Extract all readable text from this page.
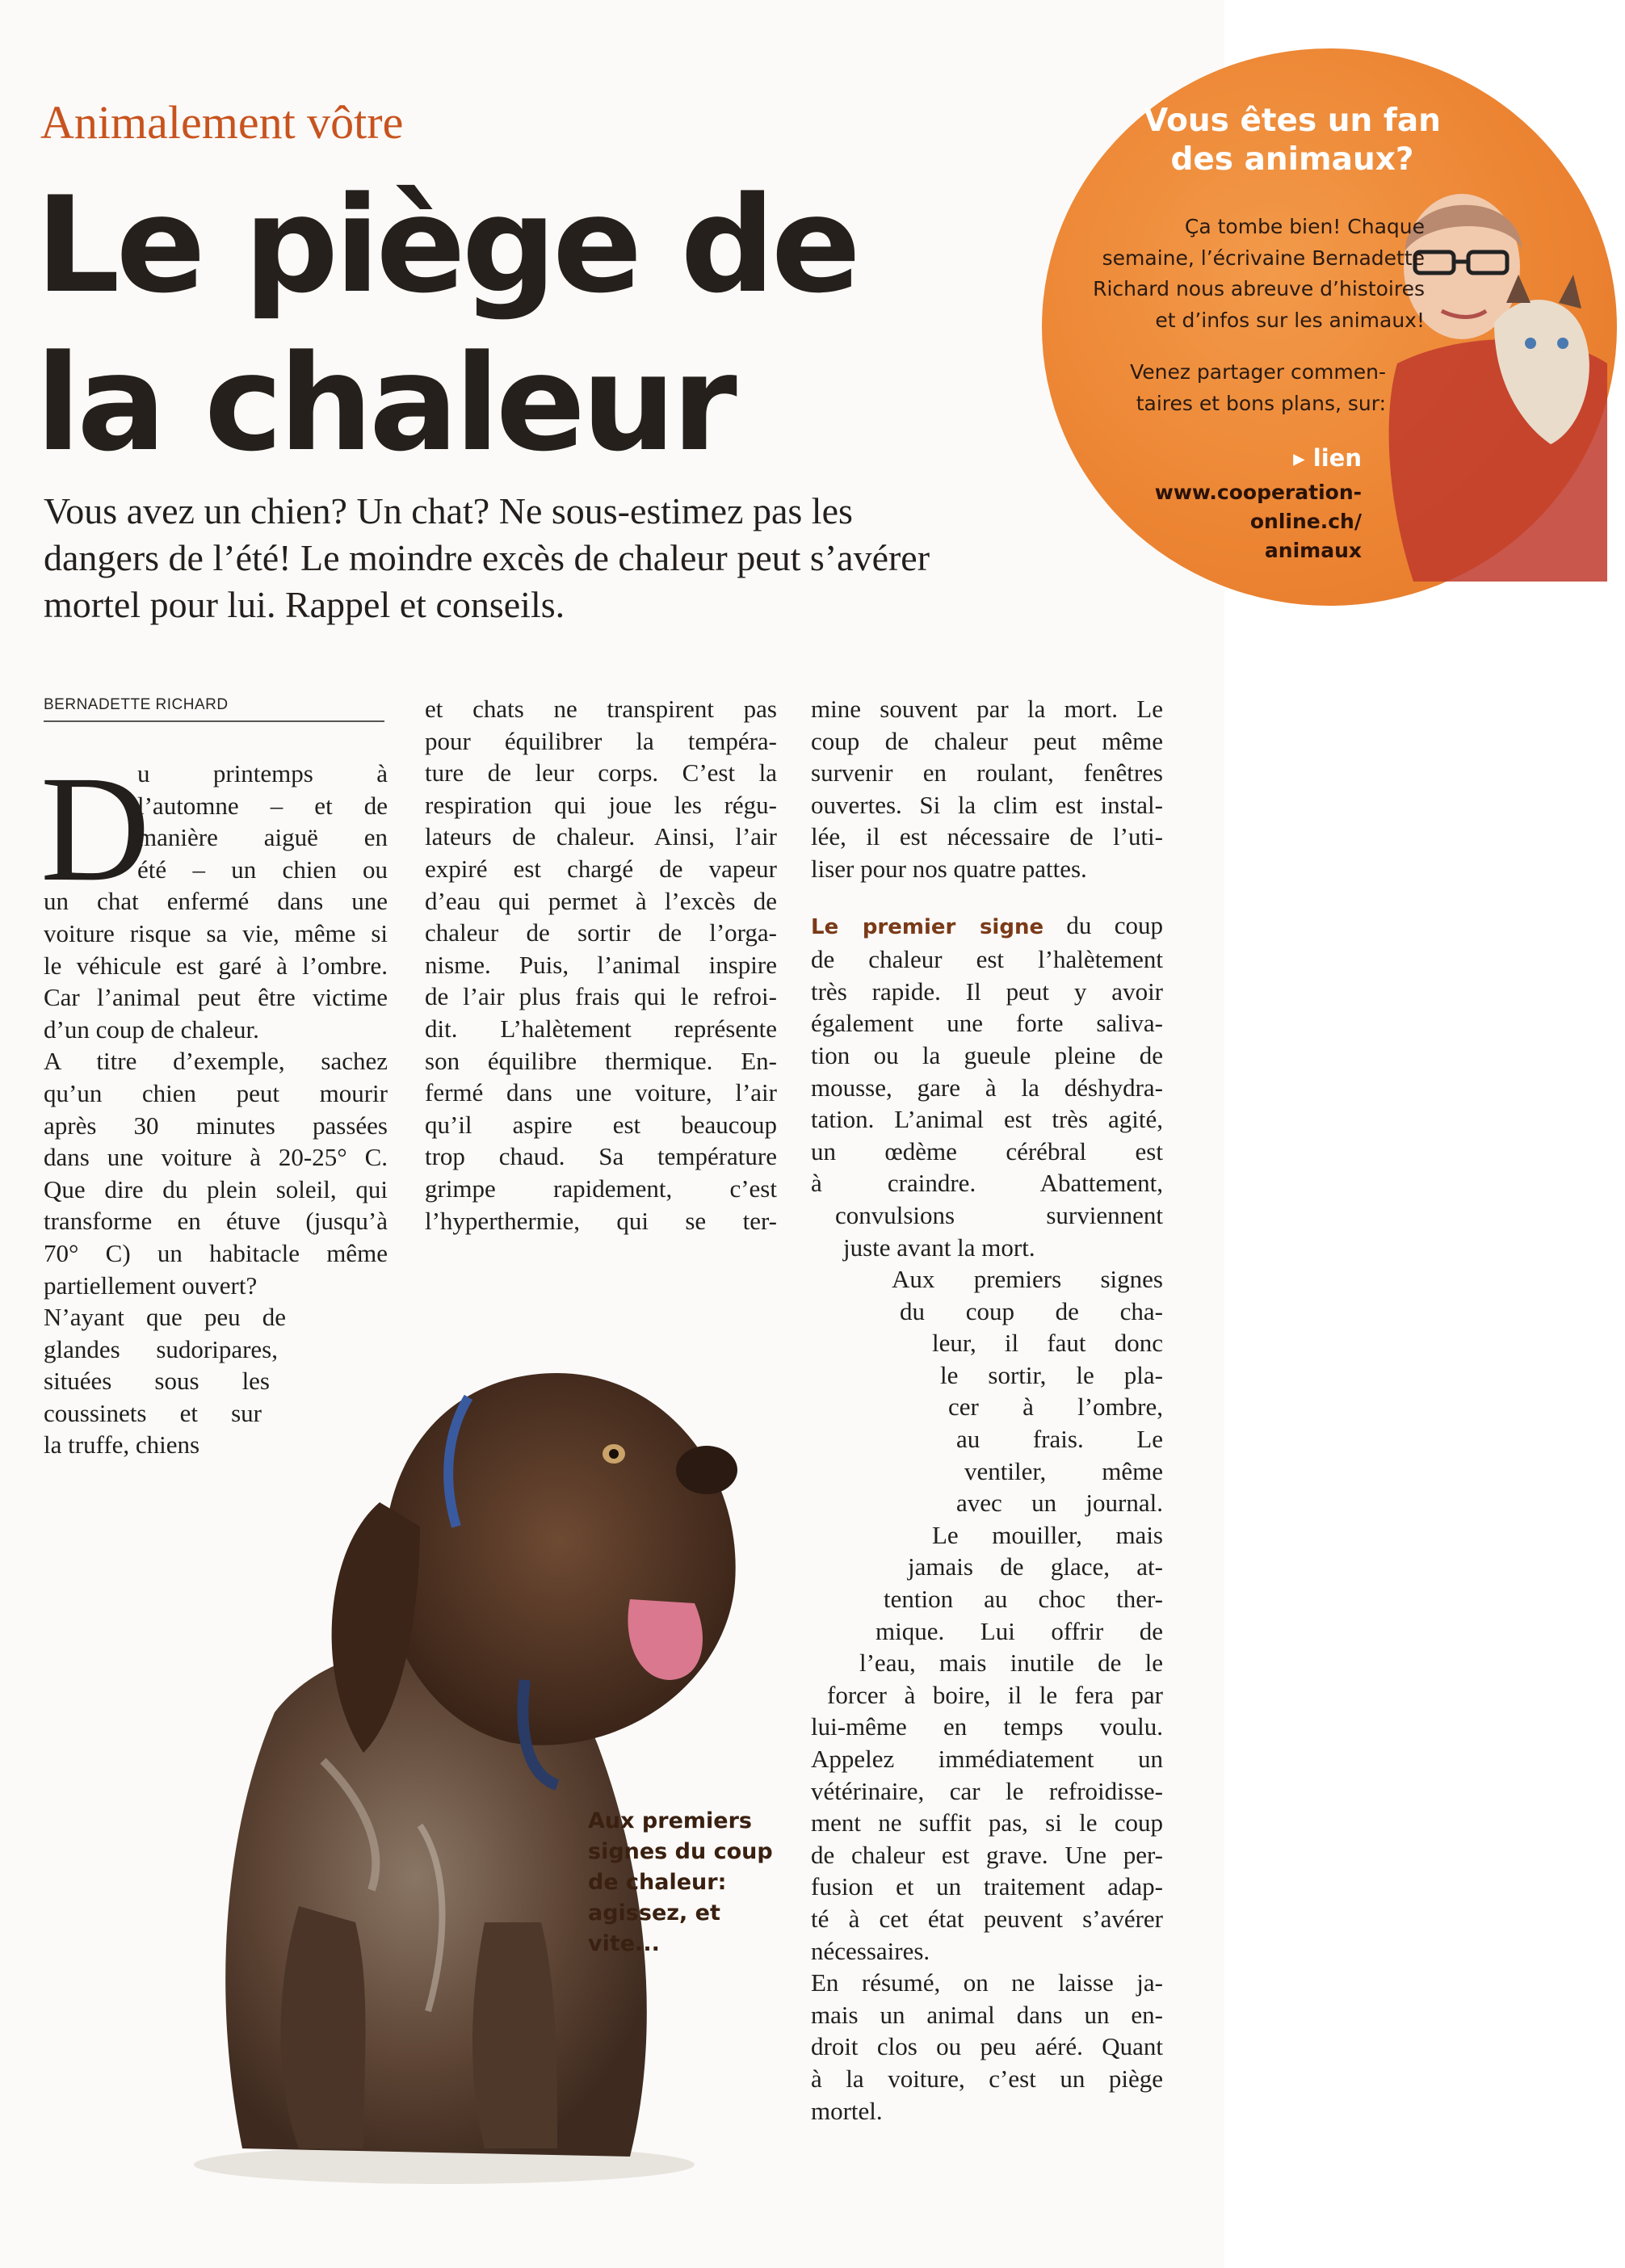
Animalement vôtre
Le piège de
la chaleur
Vous avez un chien? Un chat? Ne sous-estimez pas les
dangers de l’été! Le moindre excès de chaleur peut s’avérer
mortel pour lui. Rappel et conseils.
BERNADETTE RICHARD
D
u printemps à
l’automne – et de
manière aiguë en
été – un chien ou
un chat enfermé dans une
voiture risque sa vie, même si
le véhicule est garé à l’ombre.
Car l’animal peut être victime
d’un coup de chaleur.
A titre d’exemple, sachez
qu’un chien peut mourir
après 30 minutes passées
dans une voiture à 20-25° C.
Que dire du plein soleil, qui
transforme en étuve (jusqu’à
70° C) un habitacle même
partiellement ouvert?
N’ayant que peu de
glandes sudoripares,
situées sous les
coussinets et sur
la truffe, chiens
et chats ne transpirent pas
pour équilibrer la tempéra-
ture de leur corps. C’est la
respiration qui joue les régu-
lateurs de chaleur. Ainsi, l’air
expiré est chargé de vapeur
d’eau qui permet à l’excès de
chaleur de sortir de l’orga-
nisme. Puis, l’animal inspire
de l’air plus frais qui le refroi-
dit. L’halètement représente
son équilibre thermique. En-
fermé dans une voiture, l’air
qu’il aspire est beaucoup
trop chaud. Sa température
grimpe rapidement, c’est
l’hyperthermie, qui se ter-
mine souvent par la mort. Le
coup de chaleur peut même
survenir en roulant, fenêtres
ouvertes. Si la clim est instal-
lée, il est nécessaire de l’uti-
liser pour nos quatre pattes.
Le premier signe du coup
de chaleur est l’halètement
très rapide. Il peut y avoir
également une forte saliva-
tion ou la gueule pleine de
mousse, gare à la déshydra-
tation. L’animal est très agité,
un œdème cérébral est
à craindre. Abattement,
convulsions surviennent
juste avant la mort.
Aux premiers signes
du coup de cha-
leur, il faut donc
le sortir, le pla-
cer à l’ombre,
au frais. Le
ventiler, même
avec un journal.
Le mouiller, mais
jamais de glace, at-
tention au choc ther-
mique. Lui offrir de
l’eau, mais inutile de le
forcer à boire, il le fera par
lui-même en temps voulu.
Appelez immédiatement un
vétérinaire, car le refroidisse-
ment ne suffit pas, si le coup
de chaleur est grave. Une per-
fusion et un traitement adap-
té à cet état peuvent s’avérer
nécessaires.
En résumé, on ne laisse ja-
mais un animal dans un en-
droit clos ou peu aéré. Quant
à la voiture, c’est un piège
mortel.
Aux premiers
signes du coup
de chaleur:
agissez, et
vite...
Vous êtes un fan
des animaux?
Ça tombe bien! Chaque
semaine, l’écrivaine Bernadette
Richard nous abreuve d’histoires
et d’infos sur les animaux!
Venez partager commen-
taires et bons plans, sur:
▸ lien
www.cooperation-
online.ch/
animaux
